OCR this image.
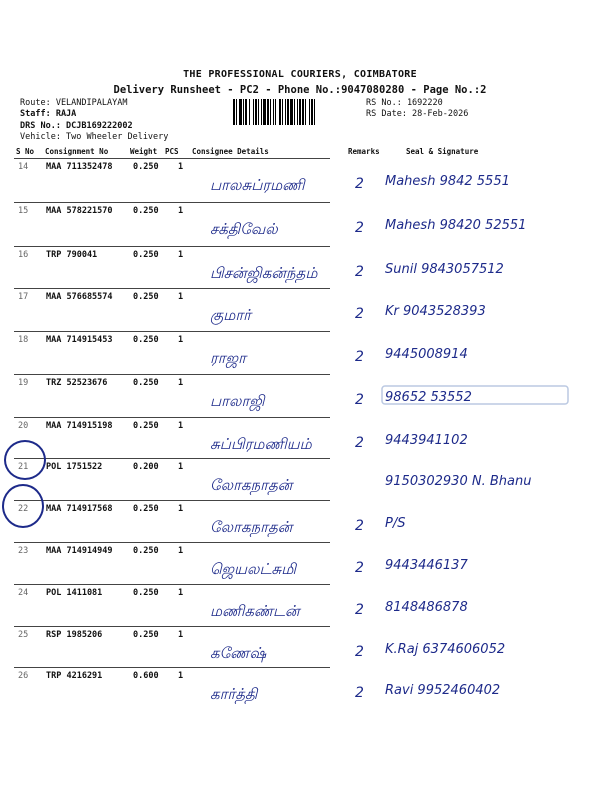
THE PROFESSIONAL COURIERS, COIMBATORE
Delivery Runsheet - PC2 - Phone No.:9047080280 - Page No.:2
Route: VELANDIPALAYAM
Staff: RAJA
DRS No.: DCJB169222002
Vehicle: Two Wheeler Delivery
RS No.: 1692220
RS Date: 28-Feb-2026
S No Consignment No	Weight PCS Consignee Details	Remarks	Seal & Signature
14 MAA 711352478 0.250 1
பாலசுப்ரமணி	2 Mahesh 9842 5551
15 MAA 578221570 0.250 1
சக்திவேல்	2 Mahesh 98420 52551
16 TRP 790041	0.250 1
பிசன்ஜிகன்ந்தம்	2 Sunil 9843057512
17 MAA 576685574 0.250 1
குமார்	2 Kr 9043528393
18 MAA 714915453 0.250 1
ராஜா	2 9445008914
19 TRZ 52523676	0.250 1
பாலாஜி	2 98652 53552
20 MAA 714915198 0.250 1
சுப்பிரமணியம்	2 9443941102
21 POL 1751522	0.200 1
லோகநாதன்	9150302930 N. Bhanu
22 MAA 714917568 0.250 1
லோகநாதன்	2 P/S
23 MAA 714914949 0.250 1
ஜெயலட்சுமி	2 9443446137
24 POL 1411081	0.250 1
மணிகண்டன்	2 8148486878
25 RSP 1985206	0.250 1
கணேஷ்	2 K.Raj 6374606052
26 TRP 4216291	0.600 1
கார்த்தி	2 Ravi 9952460402
